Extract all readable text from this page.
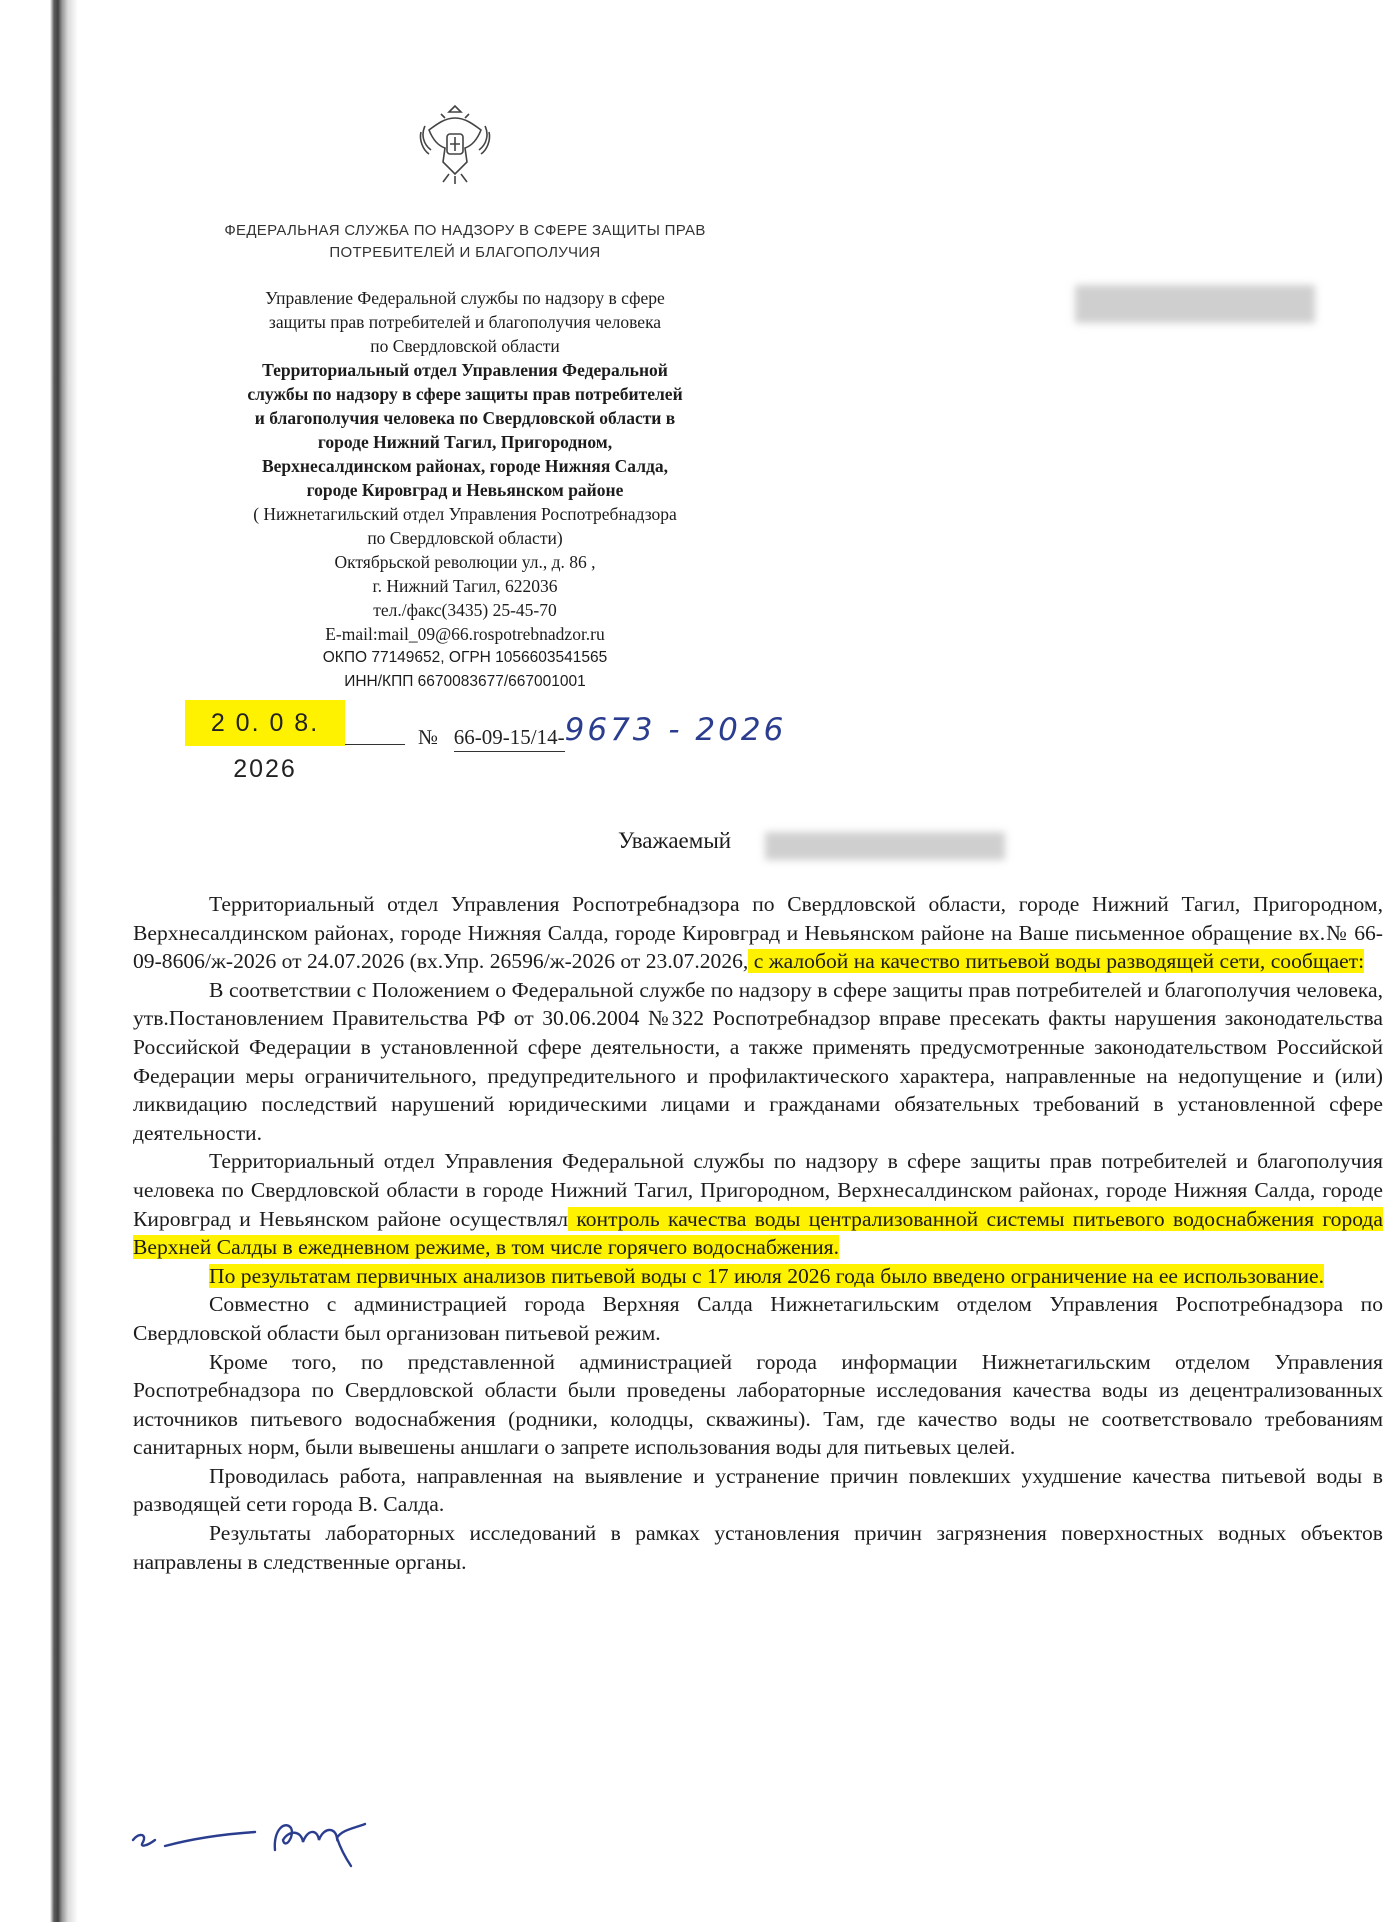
ФЕДЕРАЛЬНАЯ СЛУЖБА ПО НАДЗОРУ В СФЕРЕ ЗАЩИТЫ ПРАВ
ПОТРЕБИТЕЛЕЙ И БЛАГОПОЛУЧИЯ
Управление Федеральной службы по надзору в сфере
защиты прав потребителей и благополучия человека
по Свердловской области
Территориальный отдел Управления Федеральной
службы по надзору в сфере защиты прав потребителей
и благополучия человека по Свердловской области в
городе Нижний Тагил, Пригородном,
Верхнесалдинском районах, городе Нижняя Салда,
городе Кировград и Невьянском районе
( Нижнетагильский отдел Управления Роспотребнадзора
по Свердловской области)
Октябрьской революции ул., д. 86 ,
г. Нижний Тагил, 622036
тел./факс(3435) 25-45-70
E-mail:mail_09@66.rospotrebnadzor.ru
ОКПО 77149652, ОГРН 1056603541565
ИНН/КПП 6670083677/667001001
2 0. 0 8. 2026
№ 66-09-15/14-9673 - 2026
Уважаемый

Территориальный отдел Управления Роспотребнадзора по Свердловской области, городе Нижний Тагил, Пригородном, Верхнесалдинском районах, городе Нижняя Салда, городе Кировград и Невьянском районе на Ваше письменное обращение вх.№ 66-09-8606/ж-2026 от 24.07.2026 (вх.Упр. 26596/ж-2026 от 23.07.2026, с жалобой на качество питьевой воды разводящей сети, сообщает:

В соответствии с Положением о Федеральной службе по надзору в сфере защиты прав потребителей и благополучия человека, утв.Постановлением Правительства РФ от 30.06.2004 №322 Роспотребнадзор вправе пресекать факты нарушения законодательства Российской Федерации в установленной сфере деятельности, а также применять предусмотренные законодательством Российской Федерации меры ограничительного, предупредительного и профилактического характера, направленные на недопущение и (или) ликвидацию последствий нарушений юридическими лицами и гражданами обязательных требований в установленной сфере деятельности.

Территориальный отдел Управления Федеральной службы по надзору в сфере защиты прав потребителей и благополучия человека по Свердловской области в городе Нижний Тагил, Пригородном, Верхнесалдинском районах, городе Нижняя Салда, городе Кировград и Невьянском районе осуществлял контроль качества воды централизованной системы питьевого водоснабжения города Верхней Салды в ежедневном режиме, в том числе горячего водоснабжения.

По результатам первичных анализов питьевой воды с 17 июля 2026 года было введено ограничение на ее использование.

Совместно с администрацией города Верхняя Салда Нижнетагильским отделом Управления Роспотребнадзора по Свердловской области был организован питьевой режим.

Кроме того, по представленной администрацией города информации Нижнетагильским отделом Управления Роспотребнадзора по Свердловской области были проведены лабораторные исследования качества воды из децентрализованных источников питьевого водоснабжения (родники, колодцы, скважины). Там, где качество воды не соответствовало требованиям санитарных норм, были вывешены аншлаги о запрете использования воды для питьевых целей.

Проводилась работа, направленная на выявление и устранение причин повлекших ухудшение качества питьевой воды в разводящей сети города В. Салда.

Результаты лабораторных исследований в рамках установления причин загрязнения поверхностных водных объектов направлены в следственные органы.
